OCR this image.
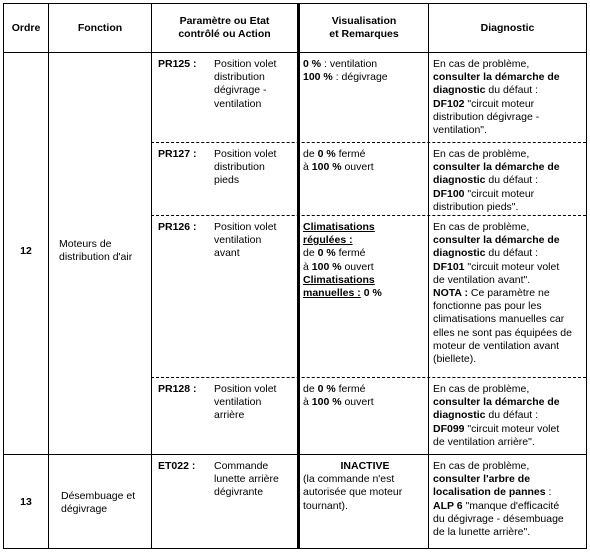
Ordre	Fonction
Paramètre ou Etat
contrôlé ou Action
Visualisation
et Remarques
Diagnostic
12
Moteurs de
distribution d'air
PR125 : Position volet
distribution
dégivrage -
ventilation
0 % : ventilation
100 % : dégivrage
En cas de problème,
consulter la démarche de
diagnostic du défaut :
DF102 "circuit moteur
distribution dégivrage -
ventilation".
PR127 : Position volet
distribution
pieds
de 0 % fermé
à 100 % ouvert
En cas de problème,
consulter la démarche de
diagnostic du défaut :
DF100 "circuit moteur
distribution pieds".
PR126 : Position volet
ventilation
avant
Climatisations
régulées :
de 0 % fermé
à 100 % ouvert
Climatisations
manuelles : 0 %
En cas de problème,
consulter la démarche de
diagnostic du défaut :
DF101 "circuit moteur volet
de ventilation avant".
NOTA : Ce paramètre ne
fonctionne pas pour les
climatisations manuelles car
elles ne sont pas équipées de
moteur de ventilation avant
(biellete).
PR128 : Position volet
ventilation
arrière
de 0 % fermé
à 100 % ouvert
En cas de problème,
consulter la démarche de
diagnostic du défaut :
DF099 "circuit moteur volet
de ventilation arrière".
13	Désembuage et
dégivrage
ET022 : Commande
lunette arrière
dégivrante
INACTIVE
(la commande n'est
autorisée que moteur
tournant).
En cas de problème,
consulter l'arbre de
localisation de pannes :
ALP 6 "manque d'efficacité
du dégivrage - désembuage
de la lunette arrière".
